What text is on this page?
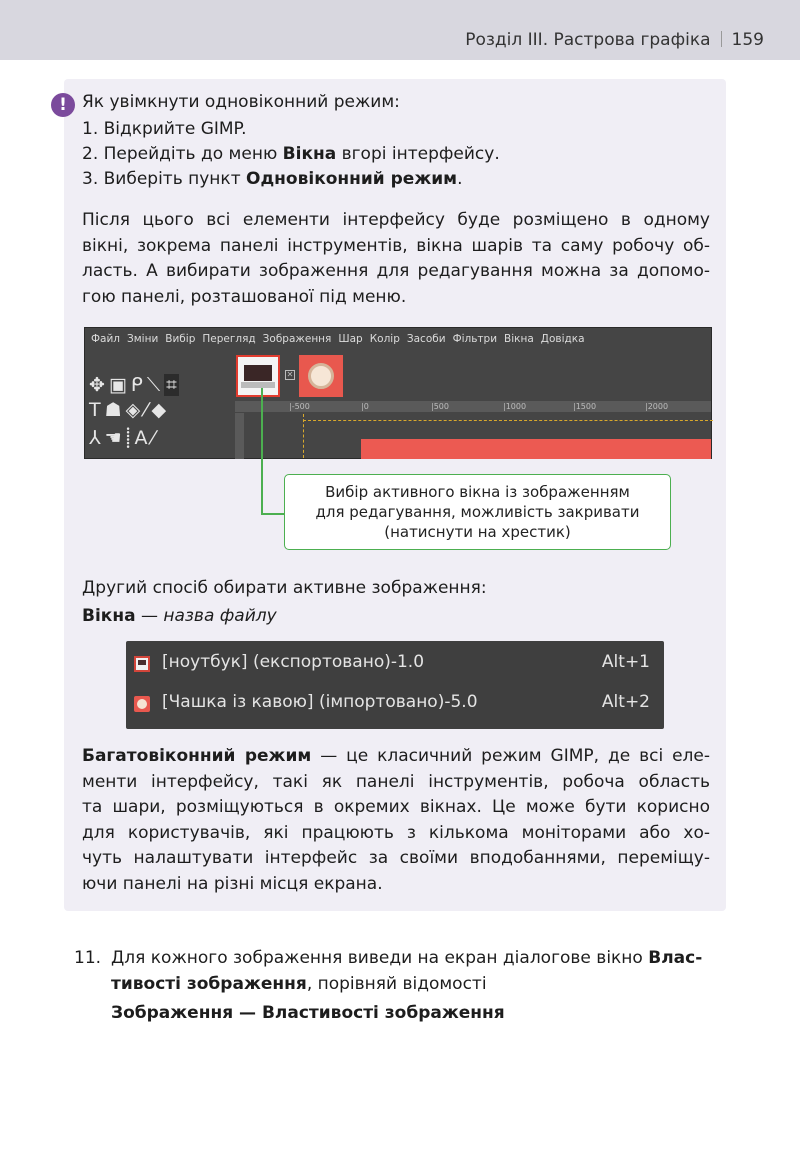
Розділ III. Растрова графіка 159
! Як увімкнути одновіконний режим:
1. Відкрийте GIMP.
2. Перейдіть до меню Вікна вгорі інтерфейсу.
3. Виберіть пункт Одновіконний режим.
Після цього всі елементи інтерфейсу буде розміщено в одному
вікні, зокрема панелі інструментів, вікна шарів та саму робочу об-
ласть. А вибирати зображення для редагування можна за допомо-
гою панелі, розташованої під меню.
Файл Зміни Вибір Перегляд Зображення Шар Колір Засоби Фільтри Вікна Довідка
✥▣ᑭ⟍ ⌗
T☗◈⁄◆
⅄☚⸽A⁄
✕
|-500	|0	|500	|1000	|1500	|2000
Вибір активного вікна із зображенням
для редагування, можливість закривати
(натиснути на хрестик)
Другий спосіб обирати активне зображення:
Вікна — назва файлу
[ноутбук] (експортовано)-1.0	Alt+1
[Чашка із кавою] (імпортовано)-5.0	Alt+2
Багатовіконний режим — це класичний режим GIMP, де всі еле-
менти інтерфейсу, такі як панелі інструментів, робоча область
та шари, розміщуються в окремих вікнах. Це може бути корисно
для користувачів, які працюють з кількома моніторами або хо-
чуть налаштувати інтерфейс за своїми вподобаннями, переміщу-
ючи панелі на різні місця екрана.
11. Для кожного зображення виведи на екран діалогове вікно Влас-
тивості зображення, порівняй відомості
Зображення — Властивості зображення
